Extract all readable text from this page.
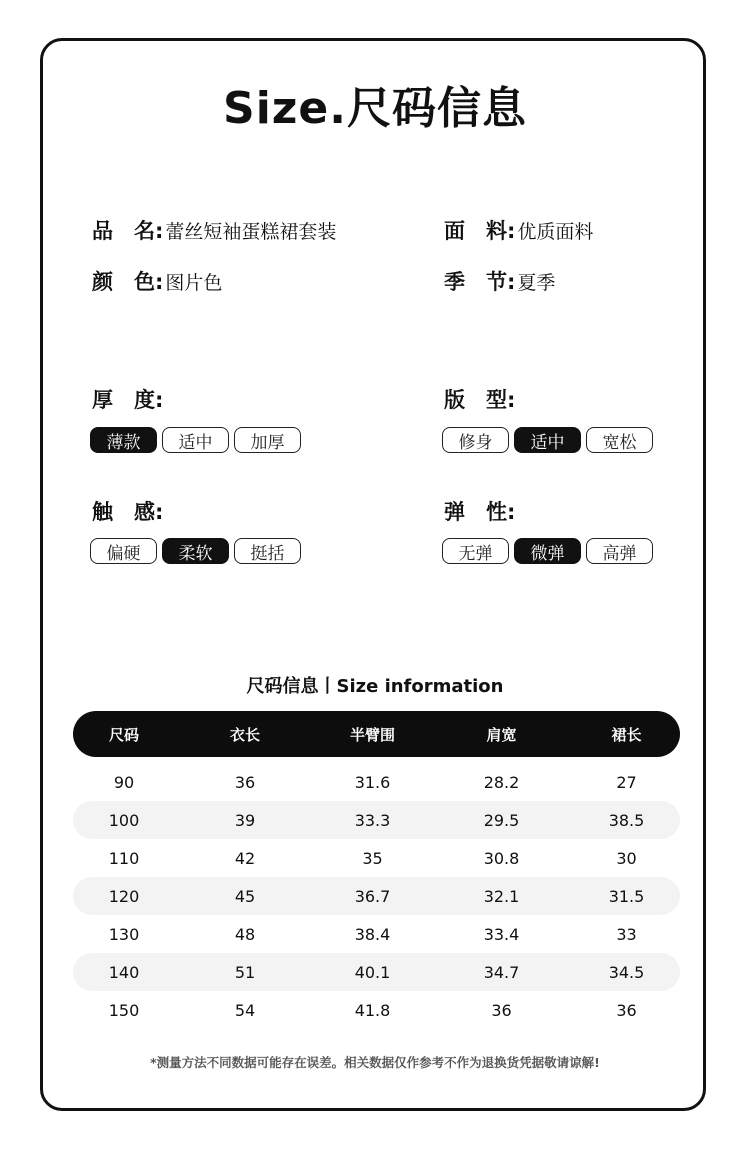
Size.尺码信息
品　名: 蕾丝短袖蛋糕裙套装	面　料: 优质面料
颜　色: 图片色	季　节: 夏季
厚　度:
薄款	适中	加厚
版　型:
修身	适中	宽松
触　感:
偏硬	柔软	挺括
弹　性:
无弹	微弹	高弹
尺码信息丨Size information
尺码	衣长	半臂围	肩宽	裙长
90	36	31.6	28.2	27
100	39	33.3	29.5	38.5
110	42	35	30.8	30
120	45	36.7	32.1	31.5
130	48	38.4	33.4	33
140	51	40.1	34.7	34.5
150	54	41.8	36	36
*测量方法不同数据可能存在误差。相关数据仅作参考不作为退换货凭据敬请谅解!
